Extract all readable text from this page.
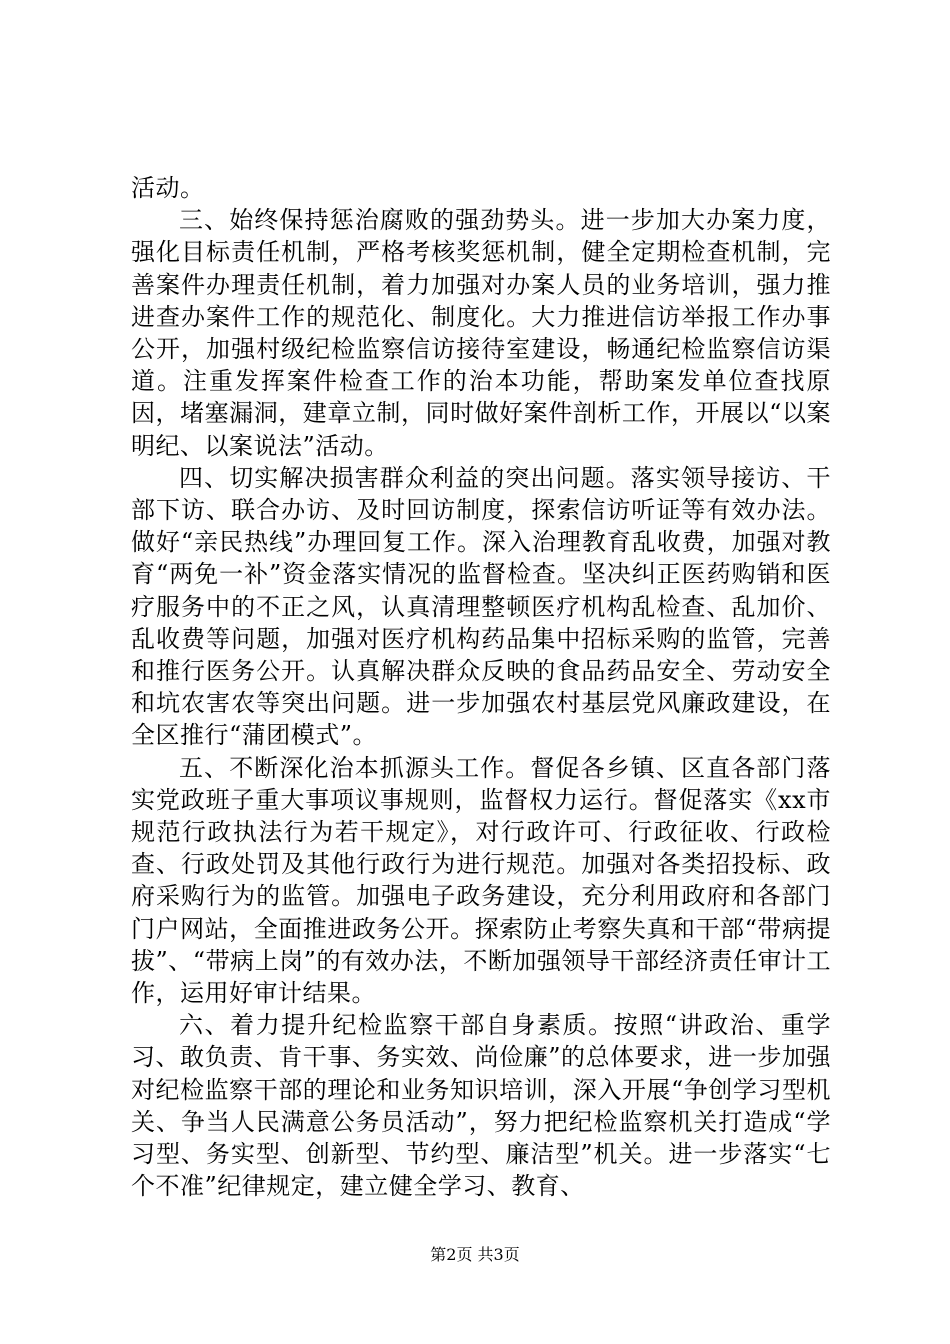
活动。

三、始终保持惩治腐败的强劲势头。进一步加大办案力度，强化目标责任机制，严格考核奖惩机制，健全定期检查机制，完善案件办理责任机制，着力加强对办案人员的业务培训，强力推进查办案件工作的规范化、制度化。大力推进信访举报工作办事公开，加强村级纪检监察信访接待室建设，畅通纪检监察信访渠道。注重发挥案件检查工作的治本功能，帮助案发单位查找原因，堵塞漏洞，建章立制，同时做好案件剖析工作，开展以“以案明纪、以案说法”活动。

四、切实解决损害群众利益的突出问题。落实领导接访、干部下访、联合办访、及时回访制度，探索信访听证等有效办法。做好“亲民热线”办理回复工作。深入治理教育乱收费，加强对教育“两免一补”资金落实情况的监督检查。坚决纠正医药购销和医疗服务中的不正之风，认真清理整顿医疗机构乱检查、乱加价、乱收费等问题，加强对医疗机构药品集中招标采购的监管，完善和推行医务公开。认真解决群众反映的食品药品安全、劳动安全和坑农害农等突出问题。进一步加强农村基层党风廉政建设，在全区推行“蒲团模式”。

五、不断深化治本抓源头工作。督促各乡镇、区直各部门落实党政班子重大事项议事规则，监督权力运行。督促落实《xx市规范行政执法行为若干规定》，对行政许可、行政征收、行政检查、行政处罚及其他行政行为进行规范。加强对各类招投标、政府采购行为的监管。加强电子政务建设，充分利用政府和各部门门户网站，全面推进政务公开。探索防止考察失真和干部“带病提拔”、“带病上岗”的有效办法，不断加强领导干部经济责任审计工作，运用好审计结果。

六、着力提升纪检监察干部自身素质。按照“讲政治、重学习、敢负责、肯干事、务实效、尚俭廉”的总体要求，进一步加强对纪检监察干部的理论和业务知识培训，深入开展“争创学习型机关、争当人民满意公务员活动”，努力把纪检监察机关打造成“学习型、务实型、创新型、节约型、廉洁型”机关。进一步落实“七个不准”纪律规定，建立健全学习、教育、

第2页 共3页
